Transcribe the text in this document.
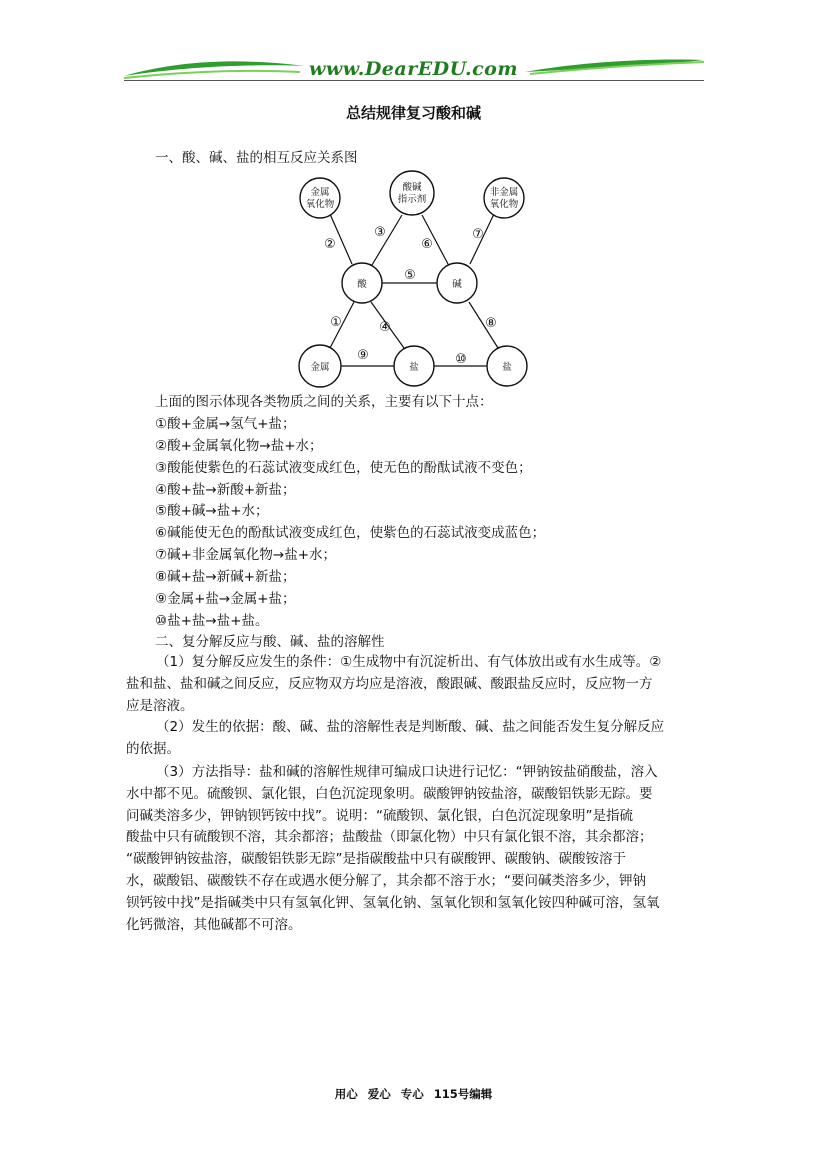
www.DearEDU.com
总结规律复习酸和碱
一、酸、碱、盐的相互反应关系图
金属
氧化物
酸碱
指示剂
非金属
氧化物
酸	碱
金属	盐	盐
①
②
③
④
⑤
⑥
⑦
⑧
⑨	⑩
上面的图示体现各类物质之间的关系，主要有以下十点：
①酸+金属→氢气+盐；
②酸+金属氧化物→盐+水；
③酸能使紫色的石蕊试液变成红色，使无色的酚酞试液不变色；
④酸+盐→新酸+新盐；
⑤酸+碱→盐+水；
⑥碱能使无色的酚酞试液变成红色，使紫色的石蕊试液变成蓝色；
⑦碱+非金属氧化物→盐+水；
⑧碱+盐→新碱+新盐；
⑨金属+盐→金属+盐；
⑩盐+盐→盐+盐。
二、复分解反应与酸、碱、盐的溶解性
（1）复分解反应发生的条件：①生成物中有沉淀析出、有气体放出或有水生成等。②
盐和盐、盐和碱之间反应，反应物双方均应是溶液，酸跟碱、酸跟盐反应时，反应物一方
应是溶液。
（2）发生的依据：酸、碱、盐的溶解性表是判断酸、碱、盐之间能否发生复分解反应
的依据。
（3）方法指导：盐和碱的溶解性规律可编成口诀进行记忆：“钾钠铵盐硝酸盐，溶入
水中都不见。硫酸钡、氯化银，白色沉淀现象明。碳酸钾钠铵盐溶，碳酸铝铁影无踪。要
问碱类溶多少，钾钠钡钙铵中找”。说明：“硫酸钡、氯化银，白色沉淀现象明”是指硫
酸盐中只有硫酸钡不溶，其余都溶；盐酸盐（即氯化物）中只有氯化银不溶，其余都溶；
“碳酸钾钠铵盐溶，碳酸铝铁影无踪”是指碳酸盐中只有碳酸钾、碳酸钠、碳酸铵溶于
水，碳酸铝、碳酸铁不存在或遇水便分解了，其余都不溶于水；“要问碱类溶多少，钾钠
钡钙铵中找”是指碱类中只有氢氧化钾、氢氧化钠、氢氧化钡和氢氧化铵四种碱可溶，氢氧
化钙微溶，其他碱都不可溶。
用心 爱心 专心 115号编辑
